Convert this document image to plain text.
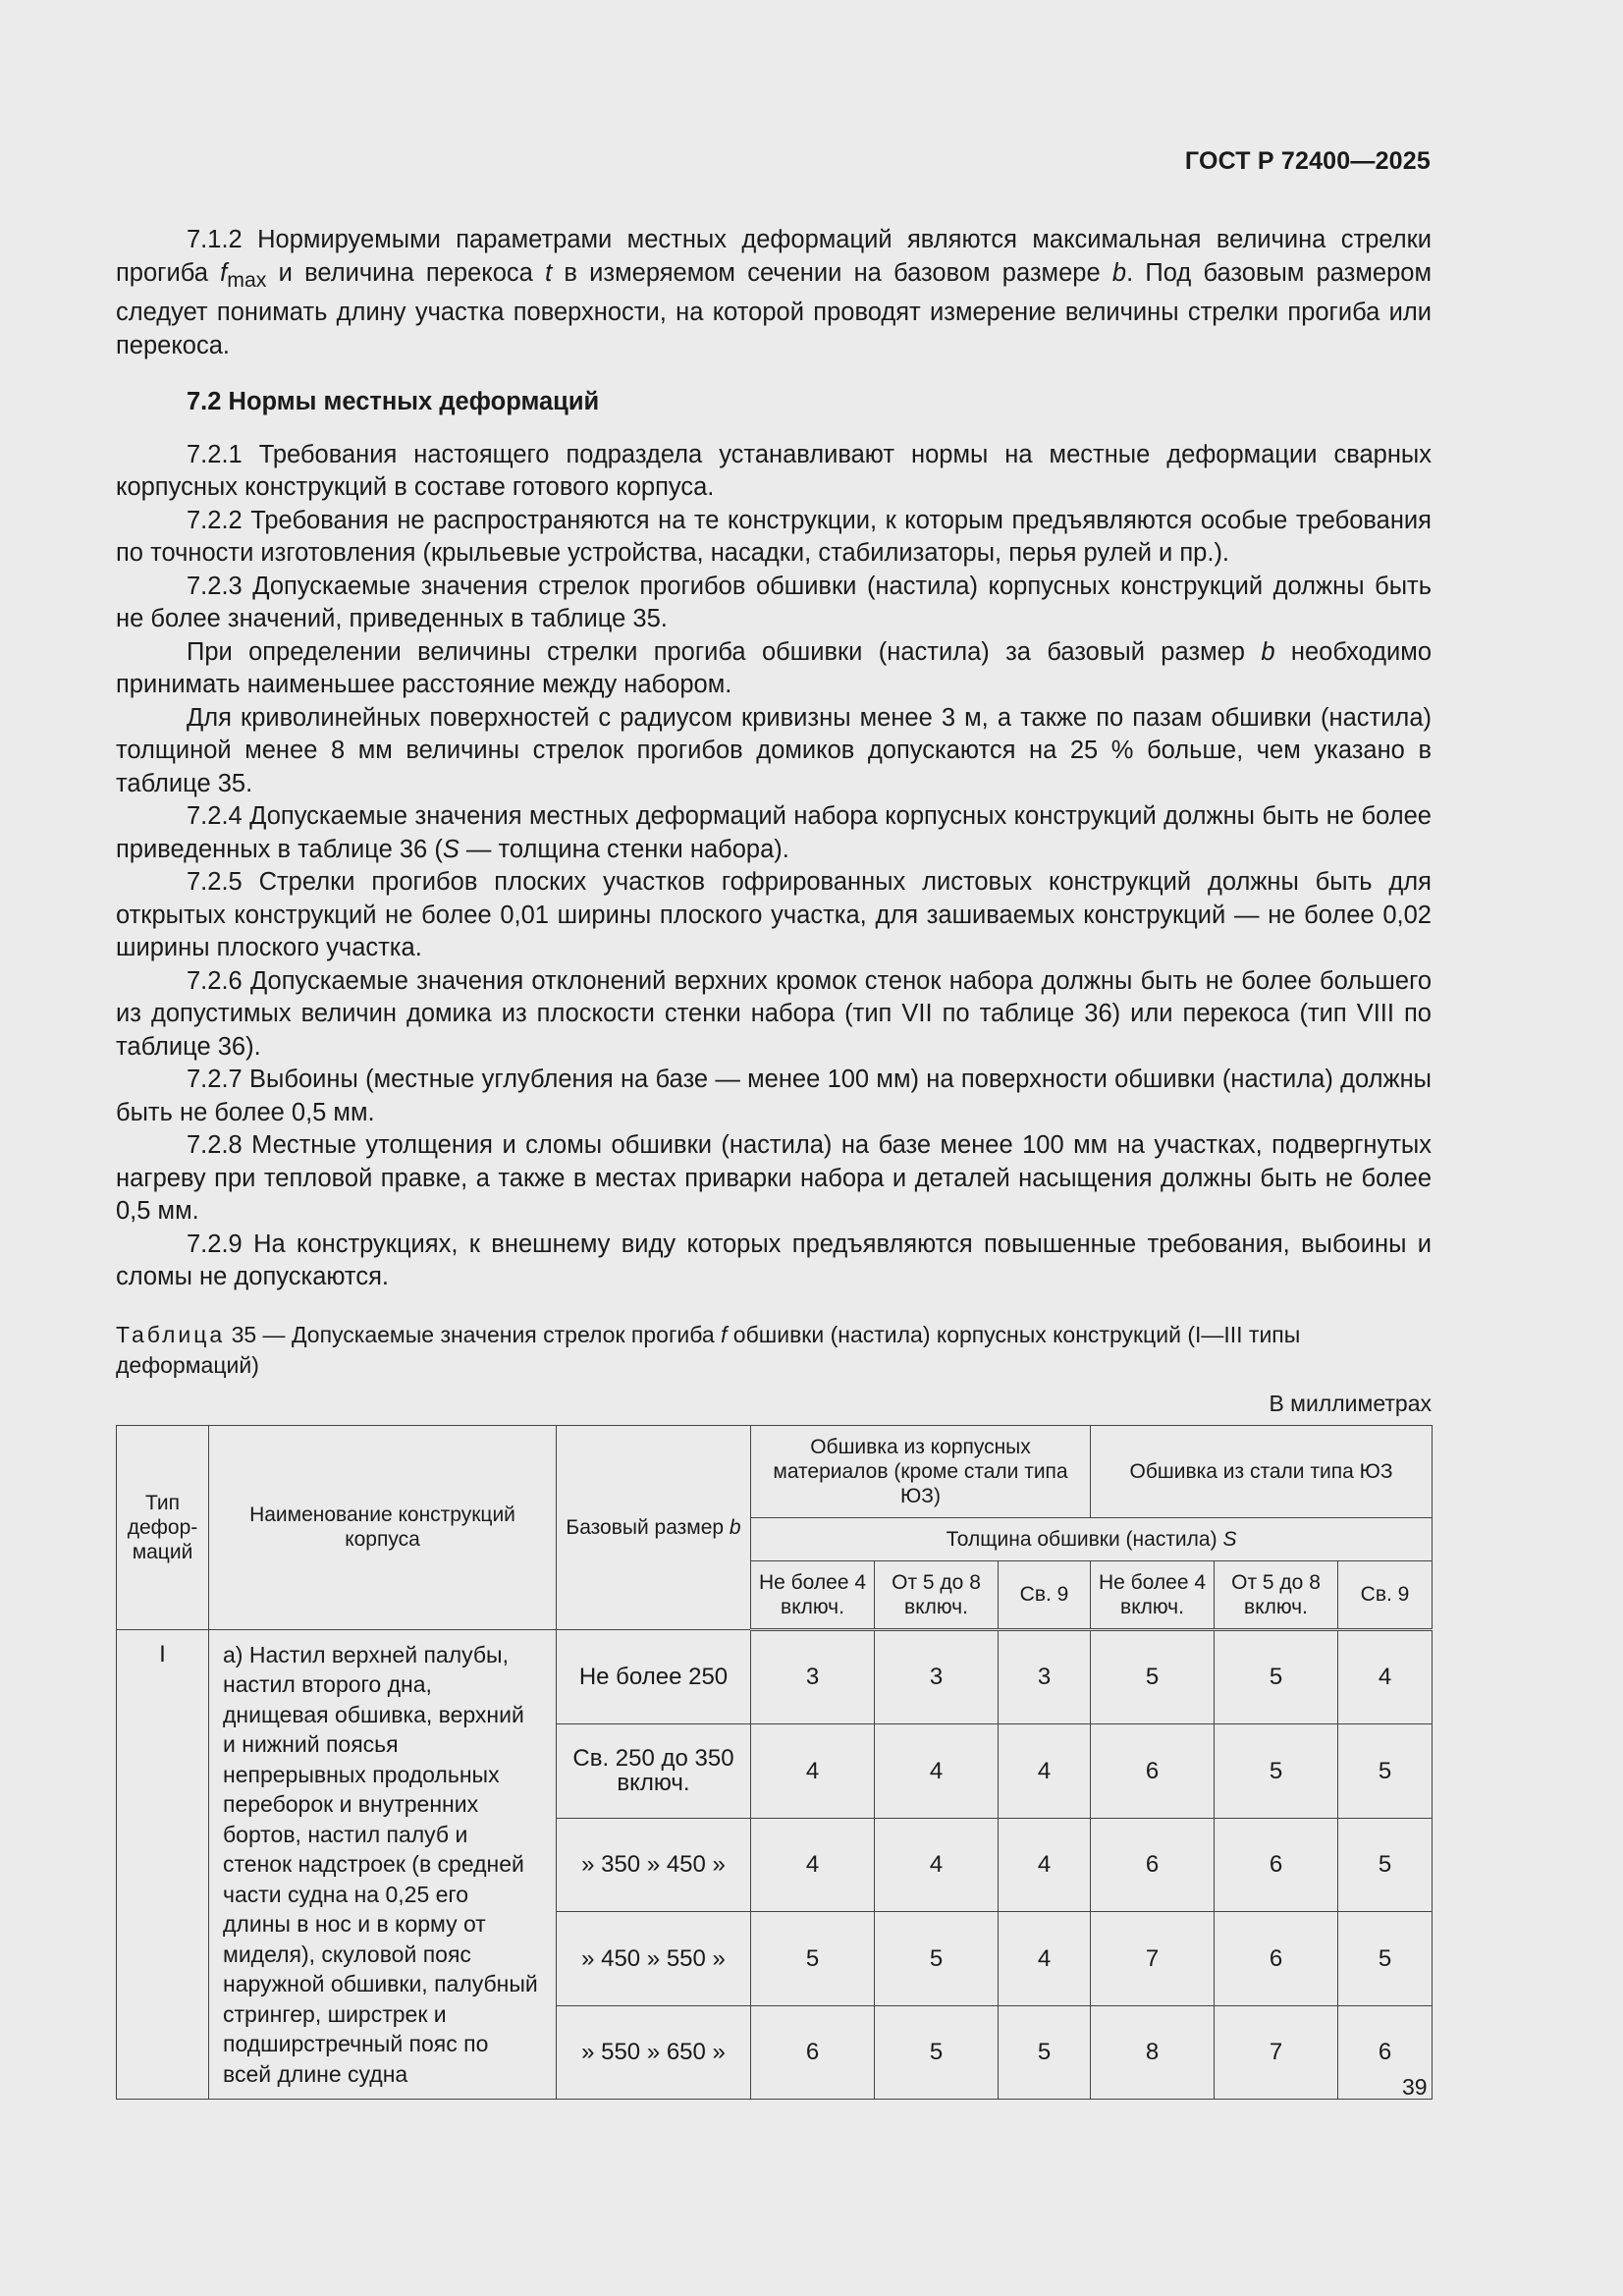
ГОСТ Р 72400—2025

7.1.2 Нормируемыми параметрами местных деформаций являются максимальная величина стрелки прогиба $f_{max}$ и величина перекоса t в измеряемом сечении на базовом размере b. Под базовым размером следует понимать длину участка поверхности, на которой проводят измерение величины стрелки прогиба или перекоса.

7.2 Нормы местных деформаций

7.2.1 Требования настоящего подраздела устанавливают нормы на местные деформации сварных корпусных конструкций в составе готового корпуса.

7.2.2 Требования не распространяются на те конструкции, к которым предъявляются особые требования по точности изготовления (крыльевые устройства, насадки, стабилизаторы, перья рулей и пр.).

7.2.3 Допускаемые значения стрелок прогибов обшивки (настила) корпусных конструкций должны быть не более значений, приведенных в таблице 35.

При определении величины стрелки прогиба обшивки (настила) за базовый размер b необходимо принимать наименьшее расстояние между набором.

Для криволинейных поверхностей с радиусом кривизны менее 3 м, а также по пазам обшивки (настила) толщиной менее 8 мм величины стрелок прогибов домиков допускаются на 25 % больше, чем указано в таблице 35.

7.2.4 Допускаемые значения местных деформаций набора корпусных конструкций должны быть не более приведенных в таблице 36 (S — толщина стенки набора).

7.2.5 Стрелки прогибов плоских участков гофрированных листовых конструкций должны быть для открытых конструкций не более 0,01 ширины плоского участка, для зашиваемых конструкций — не более 0,02 ширины плоского участка.

7.2.6 Допускаемые значения отклонений верхних кромок стенок набора должны быть не более большего из допустимых величин домика из плоскости стенки набора (тип VII по таблице 36) или перекоса (тип VIII по таблице 36).

7.2.7 Выбоины (местные углубления на базе — менее 100 мм) на поверхности обшивки (настила) должны быть не более 0,5 мм.

7.2.8 Местные утолщения и сломы обшивки (настила) на базе менее 100 мм на участках, подвергнутых нагреву при тепловой правке, а также в местах приварки набора и деталей насыщения должны быть не более 0,5 мм.

7.2.9 На конструкциях, к внешнему виду которых предъявляются повышенные требования, выбоины и сломы не допускаются.

Таблица 35 — Допускаемые значения стрелок прогиба f обшивки (настила) корпусных конструкций (I—III типы деформаций)
В миллиметрах
Тип дефор-маций	Наименование конструкций корпуса	Базовый размер b	Обшивка из корпусных материалов (кроме стали типа ЮЗ)			Обшивка из стали типа ЮЗ		
			Толщина обшивки (настила) S					
			Не более 4 включ.	От 5 до 8 включ.	Св. 9	Не более 4 включ.	От 5 до 8 включ.	Св. 9
I	а) Настил верхней палубы, настил второго дна, днищевая обшивка, верхний и нижний поясья непрерывных продольных переборок и внутренних бортов, настил палуб и стенок надстроек (в средней части судна на 0,25 его длины в нос и в корму от миделя), скуловой пояс наружной обшивки, палубный стрингер, ширстрек и подширстречный пояс по всей длине судна	Не более 250	3	3	3	5	5	4
		Св. 250 до 350 включ.	4	4	4	6	5	5
		» 350 » 450 »	4	4	4	6	6	5
		» 450 » 550 »	5	5	4	7	6	5
		» 550 » 650 »	6	5	5	8	7	6
39
